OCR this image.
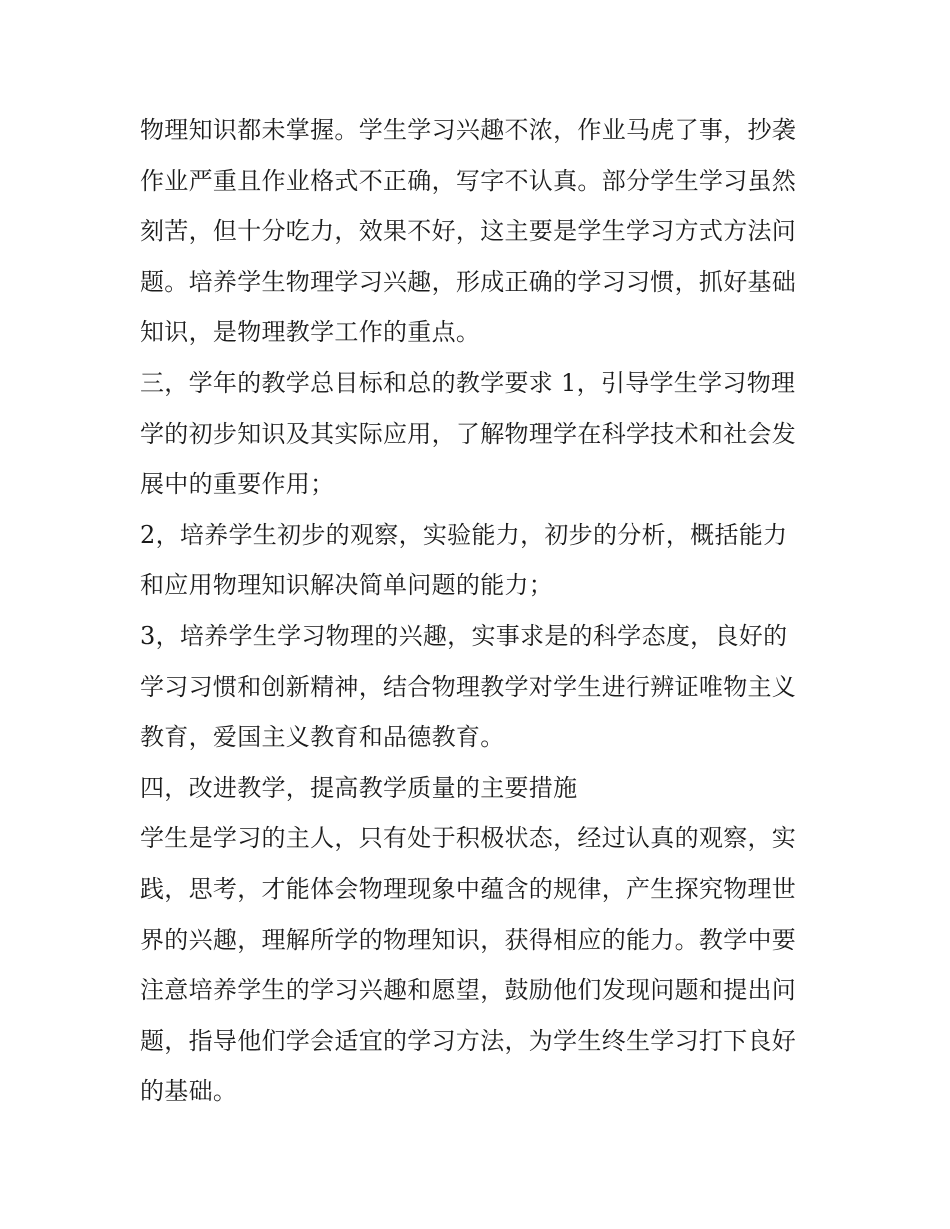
物理知识都未掌握。学生学习兴趣不浓，作业马虎了事，抄袭
作业严重且作业格式不正确，写字不认真。部分学生学习虽然
刻苦，但十分吃力，效果不好，这主要是学生学习方式方法问
题。培养学生物理学习兴趣，形成正确的学习习惯，抓好基础
知识，是物理教学工作的重点。
三，学年的教学总目标和总的教学要求 1，引导学生学习物理
学的初步知识及其实际应用，了解物理学在科学技术和社会发
展中的重要作用；
2，培养学生初步的观察，实验能力，初步的分析，概括能力
和应用物理知识解决简单问题的能力；
3，培养学生学习物理的兴趣，实事求是的科学态度，良好的
学习习惯和创新精神，结合物理教学对学生进行辨证唯物主义
教育，爱国主义教育和品德教育。
四，改进教学，提高教学质量的主要措施
学生是学习的主人，只有处于积极状态，经过认真的观察，实
践，思考，才能体会物理现象中蕴含的规律，产生探究物理世
界的兴趣，理解所学的物理知识，获得相应的能力。教学中要
注意培养学生的学习兴趣和愿望，鼓励他们发现问题和提出问
题，指导他们学会适宜的学习方法，为学生终生学习打下良好
的基础。
